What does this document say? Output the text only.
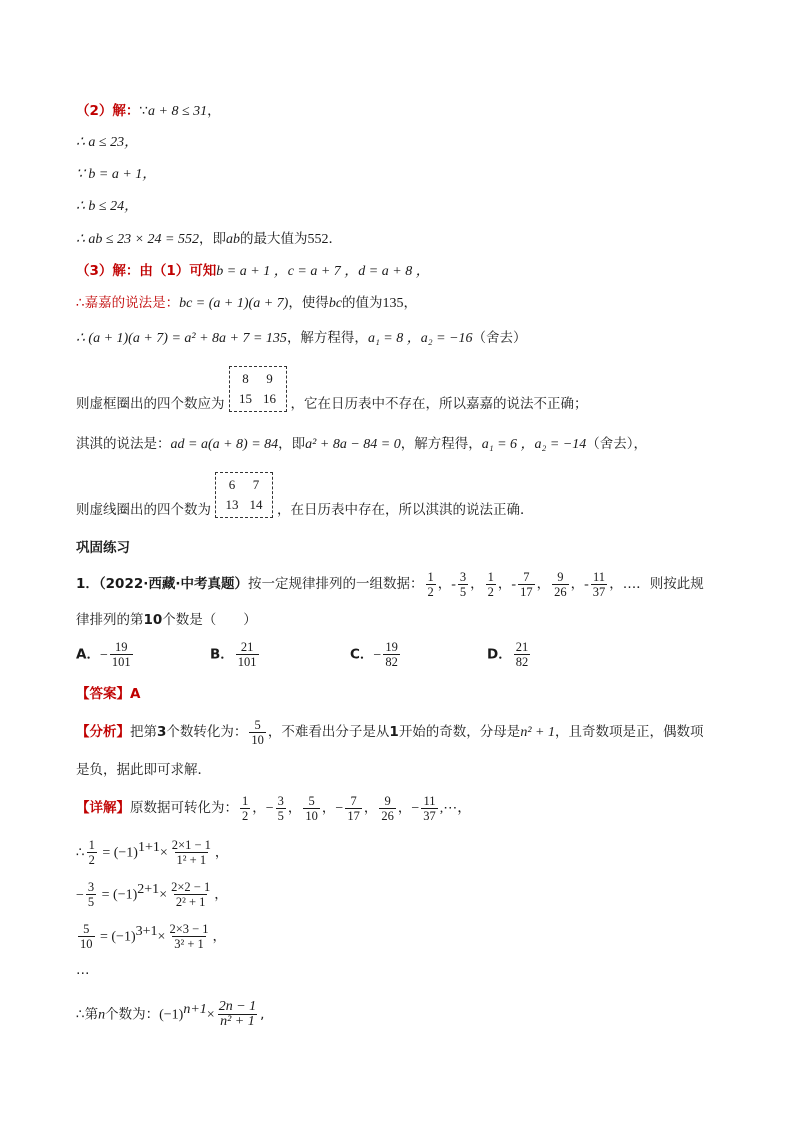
（2）解：∵a + 8 ≤ 31，
∴ a ≤ 23，
∵ b = a + 1，
∴ b ≤ 24，
∴ ab ≤ 23 × 24 = 552，即ab的最大值为552．
（3）解：由（1）可知b = a + 1 ，c = a + 7 ，d = a + 8 ，
∴嘉嘉的说法是：bc = (a + 1)(a + 7)，使得bc的值为135，
∴ (a + 1)(a + 7) = a² + 8a + 7 = 135，解方程得，a₁ = 8 ，a₂ = −16（舍去）
则虚框圈出的四个数应为
8	9
15 16	，它在日历表中不存在，所以嘉嘉的说法不正确；
淇淇的说法是：ad = a(a + 8) = 84，即a² + 8a − 84 = 0，解方程得，a₁ = 6 ，a₂ = −14（舍去），
则虚线圈出的四个数为
6	7
13 14	，在日历表中存在，所以淇淇的说法正确．
巩固练习
1．（2022·西藏·中考真题）按一定规律排列的一组数据： $\frac{1}{2}$ ，- $\frac{3}{5}$ ， $\frac{1}{2}$ ，- $\frac{7}{17}$ ， $\frac{9}{26}$ ，- $\frac{11}{37}$ ，…．则按此规
律排列的第10个数是（　　）
A．− $\frac{19}{101}$	B． $\frac{21}{101}$	C．− $\frac{19}{82}$	D． $\frac{21}{82}$
【答案】A
【分析】把第3个数转化为： $\frac{5}{10}$ ，不难看出分子是从1开始的奇数，分母是n² + 1，且奇数项是正，偶数项
是负，据此即可求解．
【详解】原数据可转化为： $\frac{1}{2}$ ，− $\frac{3}{5}$ ， $\frac{5}{10}$ ，− $\frac{7}{17}$ ， $\frac{9}{26}$ ，− $\frac{11}{37}$ ,⋯，
∴ $\frac{1}{2} = (-1)^{1+1}\times \frac{2\times 1 - 1}{\text{1² + 1}}$ ，
− $\frac{3}{5} = (-1)^{2+1}\times \frac{2\times 2 - 1}{\text{2² + 1}}$ ，
$\frac{5}{10} = (-1)^{3+1}\times \frac{2\times 3 - 1}{\text{3² + 1}}$ ，
…
∴第n个数为：$(-1)^{n+1}\times \frac{2n - 1}{\text{n² + 1}}$ ,
